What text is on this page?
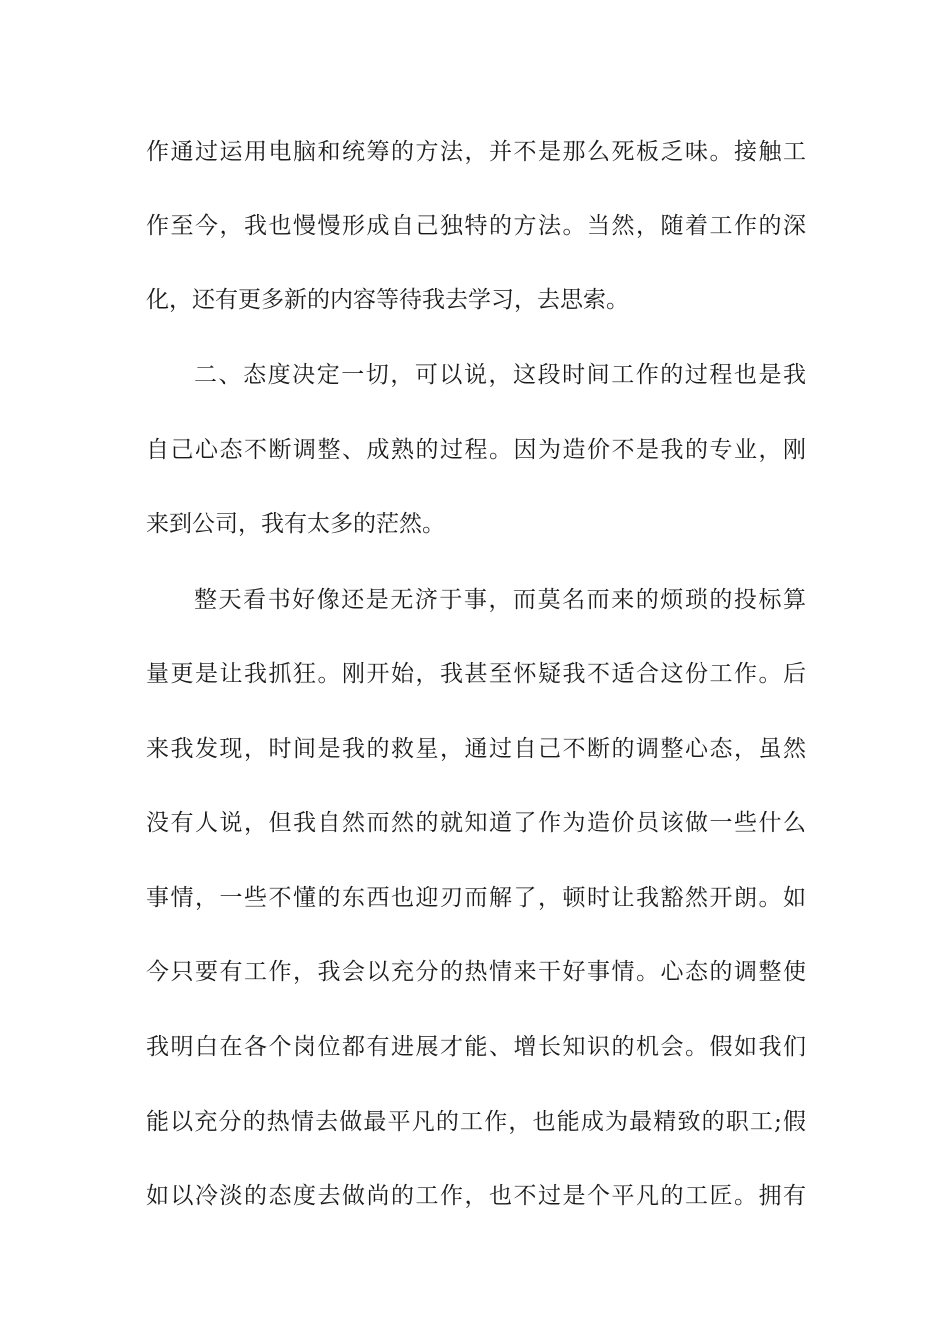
作通过运用电脑和统筹的方法，并不是那么死板乏味。接触工
作至今，我也慢慢形成自己独特的方法。当然，随着工作的深
化，还有更多新的内容等待我去学习，去思索。
二、态度决定一切，可以说，这段时间工作的过程也是我
自己心态不断调整、成熟的过程。因为造价不是我的专业，刚
来到公司，我有太多的茫然。
整天看书好像还是无济于事，而莫名而来的烦琐的投标算
量更是让我抓狂。刚开始，我甚至怀疑我不适合这份工作。后
来我发现，时间是我的救星，通过自己不断的调整心态，虽然
没有人说，但我自然而然的就知道了作为造价员该做一些什么
事情，一些不懂的东西也迎刃而解了，顿时让我豁然开朗。如
今只要有工作，我会以充分的热情来干好事情。心态的调整使
我明白在各个岗位都有进展才能、增长知识的机会。假如我们
能以充分的热情去做最平凡的工作，也能成为最精致的职工;假
如以冷淡的态度去做尚的工作，也不过是个平凡的工匠。拥有
